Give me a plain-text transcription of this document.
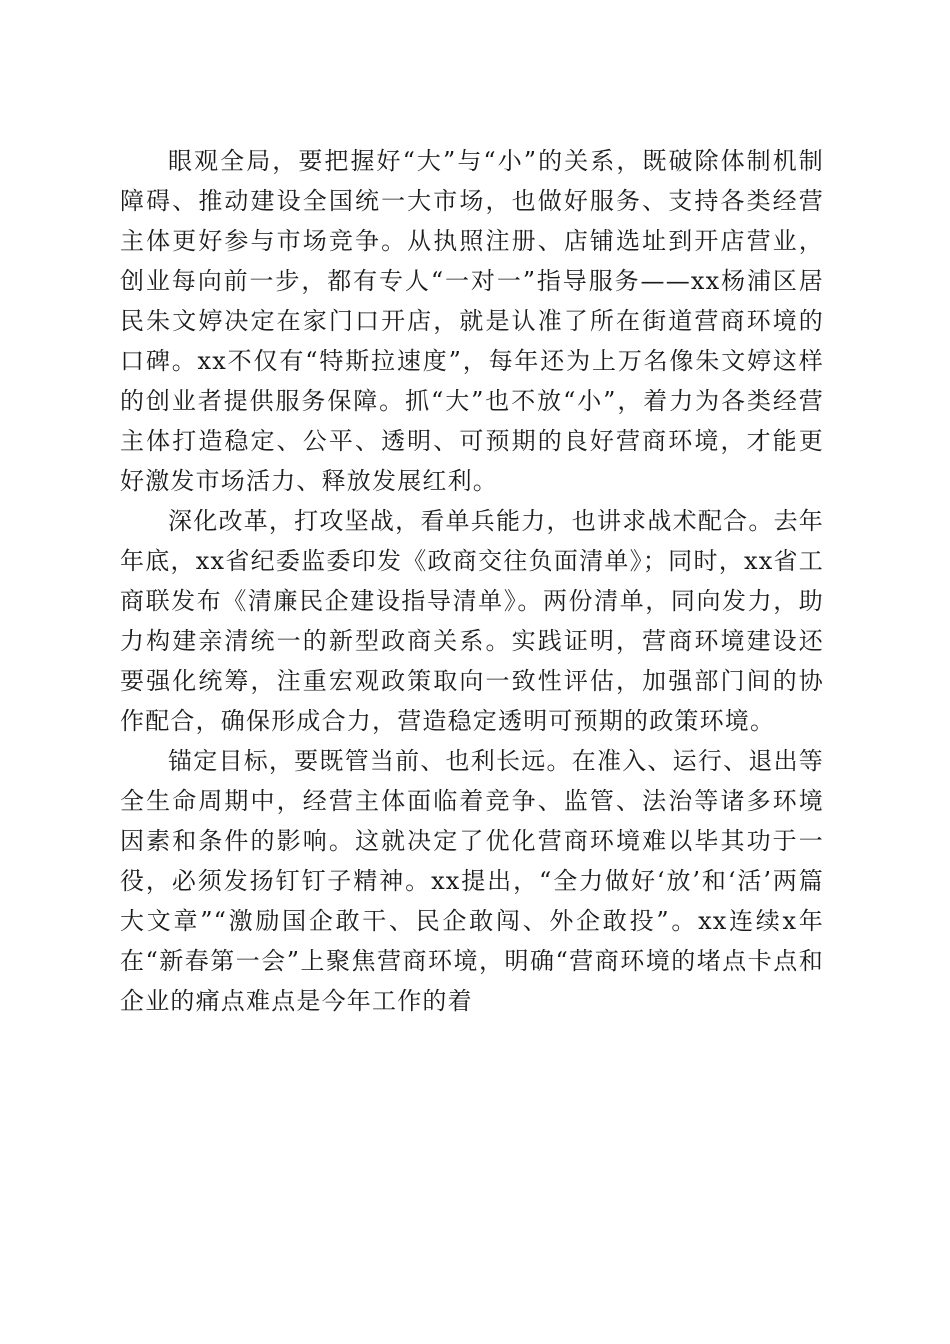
眼观全局，要把握好“大”与“小”的关系，既破除体制机制障碍、推动建设全国统一大市场，也做好服务、支持各类经营主体更好参与市场竞争。从执照注册、店铺选址到开店营业，创业每向前一步，都有专人“一对一”指导服务——xx杨浦区居民朱文婷决定在家门口开店，就是认准了所在街道营商环境的口碑。xx不仅有“特斯拉速度”，每年还为上万名像朱文婷这样的创业者提供服务保障。抓“大”也不放“小”，着力为各类经营主体打造稳定、公平、透明、可预期的良好营商环境，才能更好激发市场活力、释放发展红利。

深化改革，打攻坚战，看单兵能力，也讲求战术配合。去年年底，xx省纪委监委印发《政商交往负面清单》；同时，xx省工商联发布《清廉民企建设指导清单》。两份清单，同向发力，助力构建亲清统一的新型政商关系。实践证明，营商环境建设还要强化统筹，注重宏观政策取向一致性评估，加强部门间的协作配合，确保形成合力，营造稳定透明可预期的政策环境。

锚定目标，要既管当前、也利长远。在准入、运行、退出等全生命周期中，经营主体面临着竞争、监管、法治等诸多环境因素和条件的影响。这就决定了优化营商环境难以毕其功于一役，必须发扬钉钉子精神。xx提出，“全力做好‘放’和‘活’两篇大文章”“激励国企敢干、民企敢闯、外企敢投”。xx连续x年在“新春第一会”上聚焦营商环境，明确“营商环境的堵点卡点和企业的痛点难点是今年工作的着
